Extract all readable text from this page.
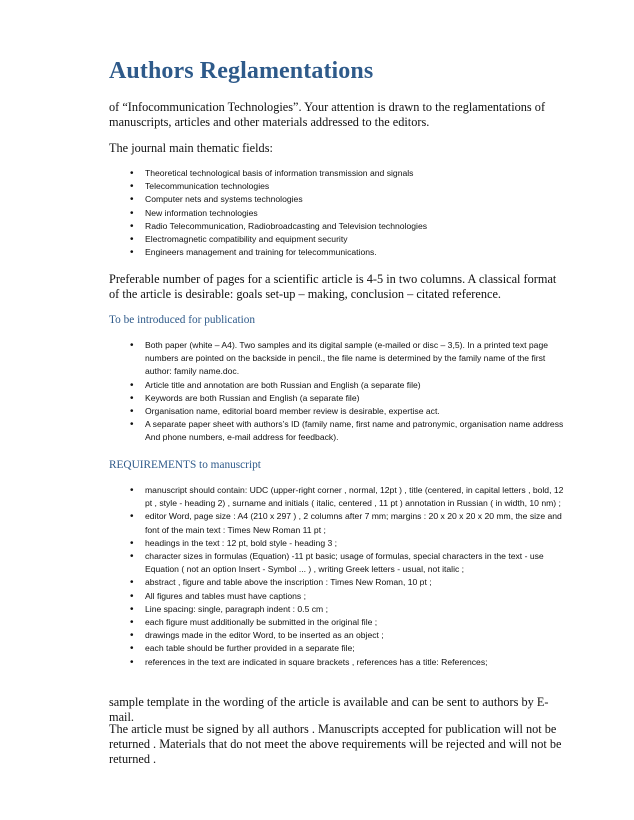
Authors Reglamentations

of “Infocommunication Technologies”. Your attention is drawn to the reglamentations of manuscripts, articles and other materials addressed to the editors.

The journal main thematic fields:

• Theoretical technological basis of information transmission and signals
• Telecommunication technologies
• Computer nets and systems technologies
• New information technologies
• Radio Telecommunication, Radiobroadcasting and Television technologies
• Electromagnetic compatibility and equipment security
• Engineers management and training for telecommunications.

Preferable number of pages for a scientific article is 4-5 in two columns. A classical format of the article is desirable: goals set-up – making, conclusion – citated reference.

To be introduced for publication

• Both paper (white – A4). Two samples and its digital sample (e-mailed or disc – 3,5). In a printed text page numbers are pointed on the backside in pencil., the file name is determined by the family name of the first author: family name.doc.
• Article title and annotation are both Russian and English (a separate file)
• Keywords are both Russian and English (a separate file)
• Organisation name, editorial board member review is desirable, expertise act.
• A separate paper sheet with authors’s ID (family name, first name and patronymic, organisation name address And phone numbers, e-mail address for feedback).

REQUIREMENTS to manuscript

• manuscript should contain: UDC (upper-right corner , normal, 12pt ) , title (centered, in capital letters , bold, 12 pt , style - heading 2) , surname and initials ( italic, centered , 11 pt ) annotation in Russian ( in width, 10 nm) ;
• editor Word, page size : A4 (210 x 297 ) , 2 columns after 7 mm; margins : 20 x 20 x 20 x 20 mm, the size and font of the main text : Times New Roman 11 pt ;
• headings in the text : 12 pt, bold style - heading 3 ;
• character sizes in formulas (Equation) -11 pt basic; usage of formulas, special characters in the text - use Equation ( not an option Insert - Symbol ... ) , writing Greek letters - usual, not italic ;
• abstract , figure and table above the inscription : Times New Roman, 10 pt ;
• All figures and tables must have captions ;
• Line spacing: single, paragraph indent : 0.5 cm ;
• each figure must additionally be submitted in the original file ;
• drawings made in the editor Word, to be inserted as an object ;
• each table should be further provided in a separate file;
• references in the text are indicated in square brackets , references has a title: References;

sample template in the wording of the article is available and can be sent to authors by E-mail.

The article must be signed by all authors . Manuscripts accepted for publication will not be returned . Materials that do not meet the above requirements will be rejected and will not be returned .
